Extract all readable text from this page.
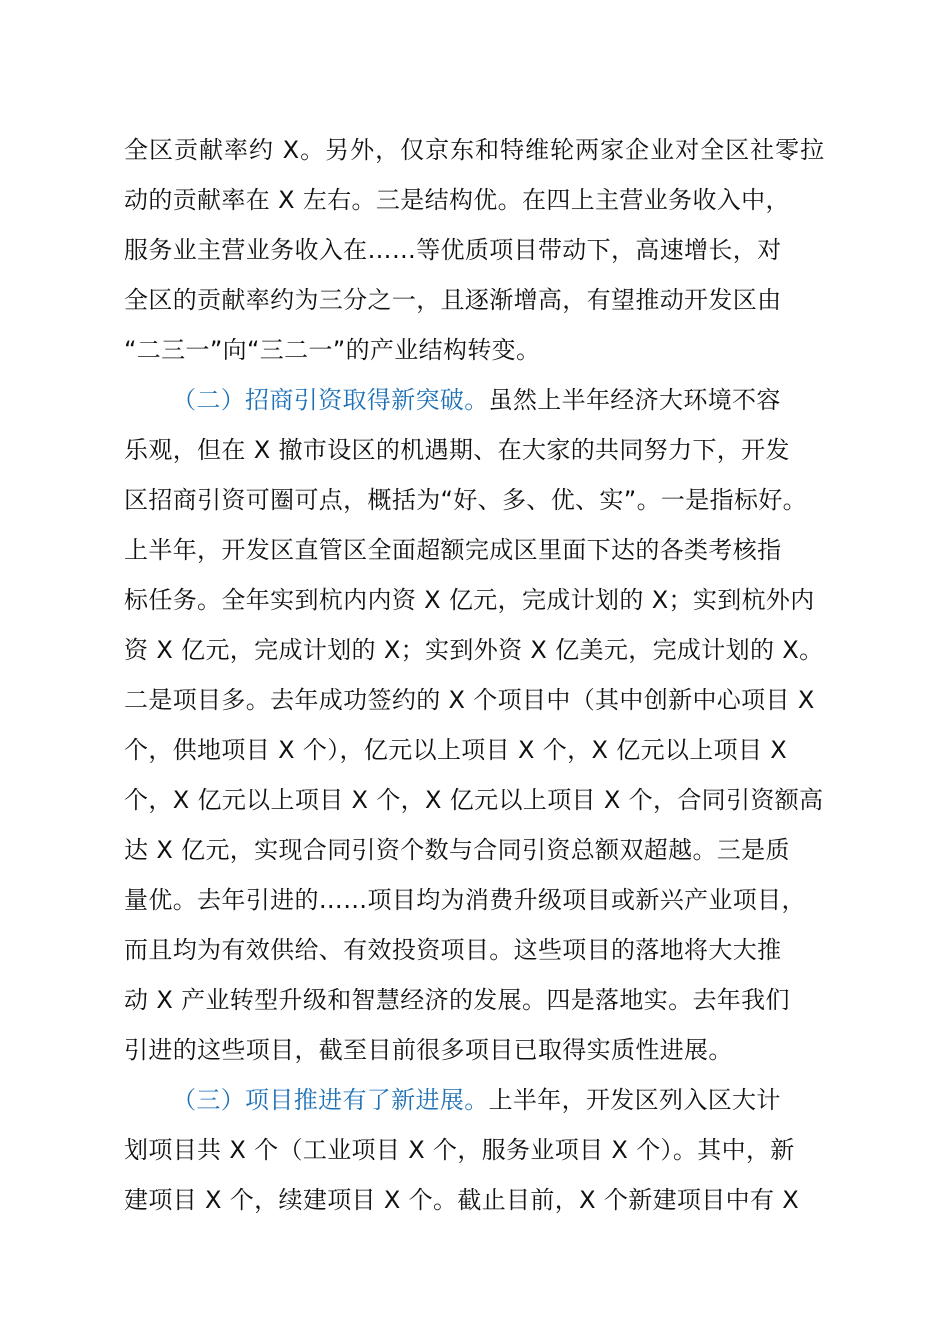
全区贡献率约 X。另外，仅京东和特维轮两家企业对全区社零拉
动的贡献率在 X 左右。三是结构优。在四上主营业务收入中，
服务业主营业务收入在……等优质项目带动下，高速增长，对
全区的贡献率约为三分之一，且逐渐增高，有望推动开发区由
“二三一”向“三二一”的产业结构转变。
（二）招商引资取得新突破。虽然上半年经济大环境不容
乐观，但在 X 撤市设区的机遇期、在大家的共同努力下，开发
区招商引资可圈可点，概括为“好、多、优、实”。一是指标好。
上半年，开发区直管区全面超额完成区里面下达的各类考核指
标任务。全年实到杭内内资 X 亿元，完成计划的 X；实到杭外内
资 X 亿元，完成计划的 X；实到外资 X 亿美元，完成计划的 X。
二是项目多。去年成功签约的 X 个项目中（其中创新中心项目 X
个，供地项目 X 个），亿元以上项目 X 个，X 亿元以上项目 X
个，X 亿元以上项目 X 个，X 亿元以上项目 X 个，合同引资额高
达 X 亿元，实现合同引资个数与合同引资总额双超越。三是质
量优。去年引进的……项目均为消费升级项目或新兴产业项目，
而且均为有效供给、有效投资项目。这些项目的落地将大大推
动 X 产业转型升级和智慧经济的发展。四是落地实。去年我们
引进的这些项目，截至目前很多项目已取得实质性进展。
（三）项目推进有了新进展。上半年，开发区列入区大计
划项目共 X 个（工业项目 X 个，服务业项目 X 个）。其中，新
建项目 X 个，续建项目 X 个。截止目前，X 个新建项目中有 X
